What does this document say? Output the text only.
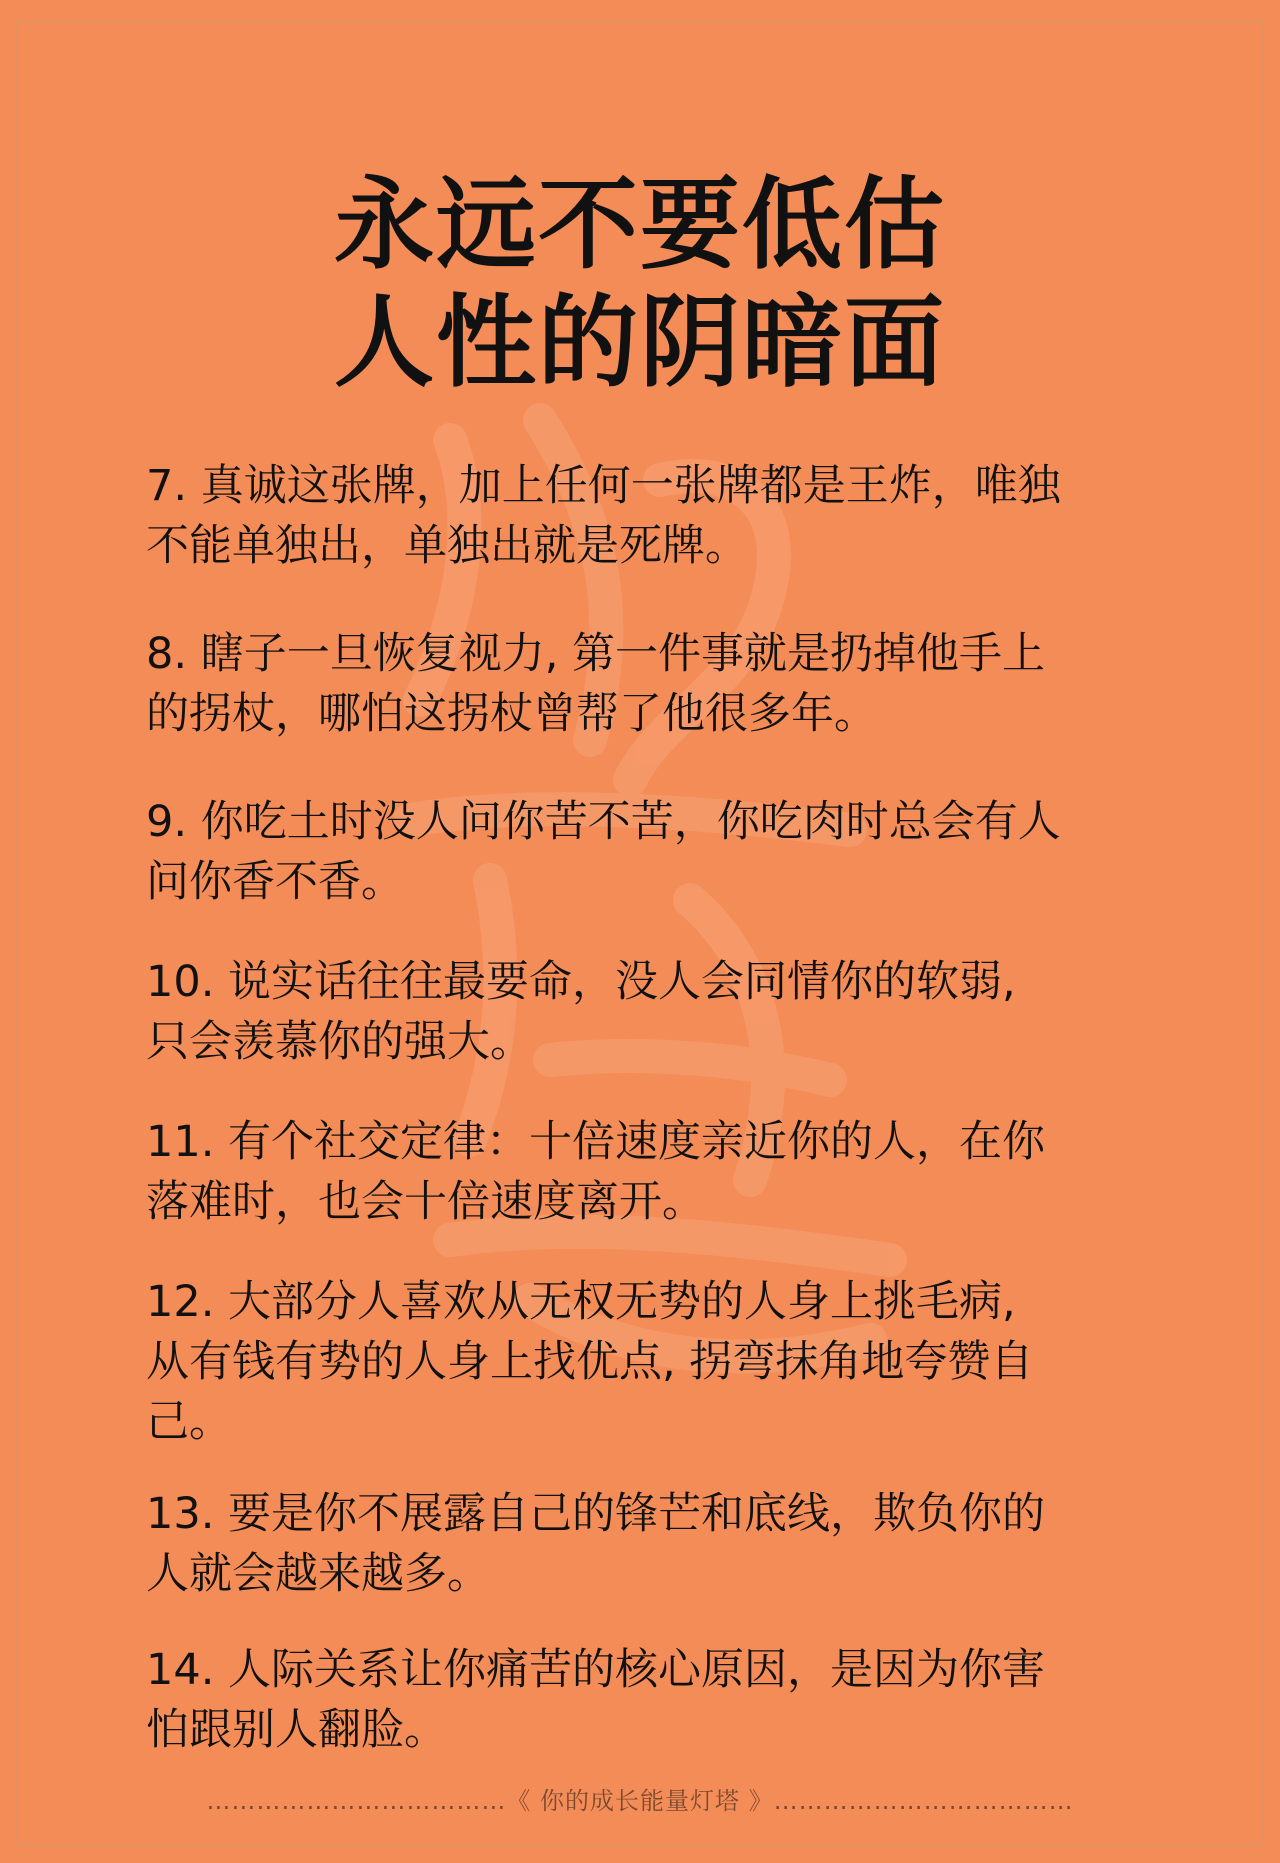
永远不要低估
人性的阴暗面

7. 真诚这张牌，加上任何一张牌都是王炸，唯独
不能单独出，单独出就是死牌。

8. 瞎子一旦恢复视力, 第一件事就是扔掉他手上
的拐杖，哪怕这拐杖曾帮了他很多年。

9. 你吃土时没人问你苦不苦，你吃肉时总会有人
问你香不香。

10. 说实话往往最要命，没人会同情你的软弱,
只会羡慕你的强大。

11. 有个社交定律：十倍速度亲近你的人，在你
落难时，也会十倍速度离开。

12. 大部分人喜欢从无权无势的人身上挑毛病,
从有钱有势的人身上找优点, 拐弯抹角地夸赞自
己。

13. 要是你不展露自己的锋芒和底线，欺负你的
人就会越来越多。

14. 人际关系让你痛苦的核心原因，是因为你害
怕跟别人翻脸。

………………………………《 你的成长能量灯塔 》………………………………
